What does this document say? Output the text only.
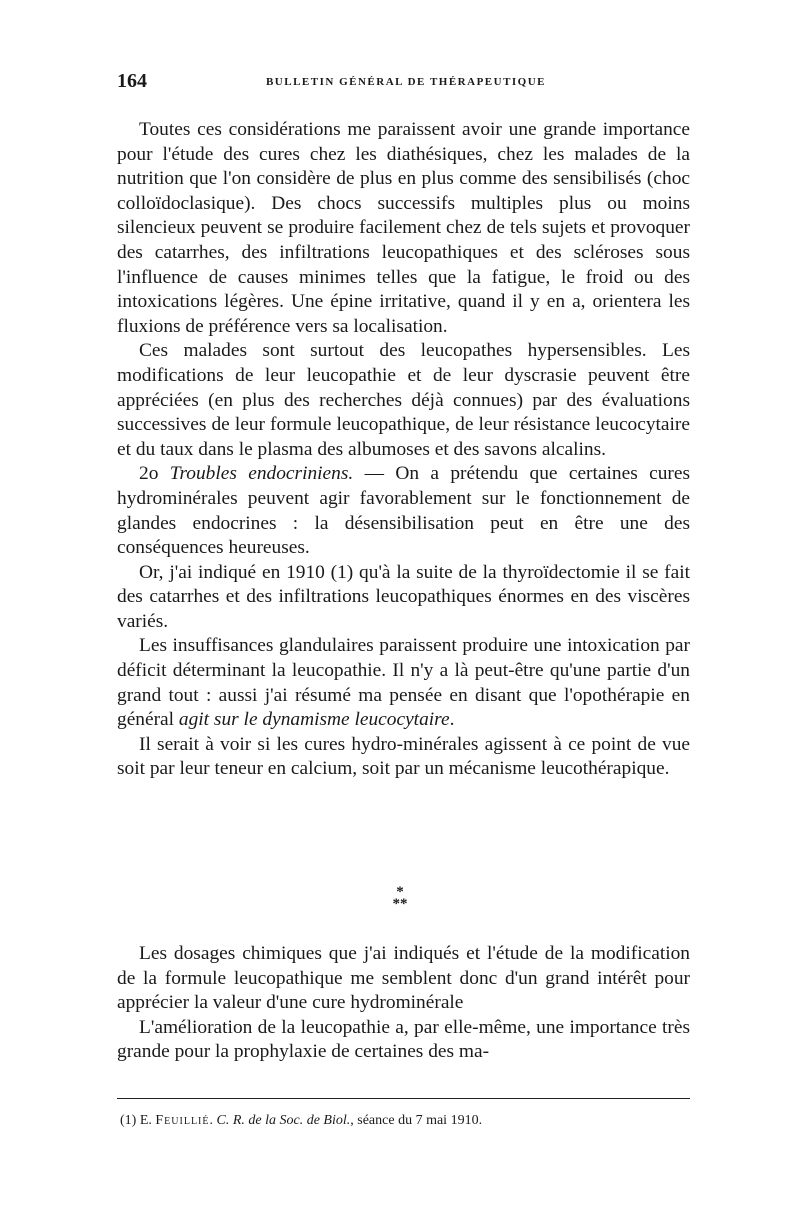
164	BULLETIN GÉNÉRAL DE THÉRAPEUTIQUE

Toutes ces considérations me paraissent avoir une grande importance pour l'étude des cures chez les diathésiques, chez les malades de la nutrition que l'on considère de plus en plus comme des sensibilisés (choc colloïdoclasique). Des chocs successifs multiples plus ou moins silencieux peuvent se produire facilement chez de tels sujets et provoquer des catarrhes, des infiltrations leucopathiques et des scléroses sous l'influence de causes minimes telles que la fatigue, le froid ou des intoxications légères. Une épine irritative, quand il y en a, orientera les fluxions de préférence vers sa localisation.

Ces malades sont surtout des leucopathes hypersensibles. Les modifications de leur leucopathie et de leur dyscrasie peuvent être appréciées (en plus des recherches déjà connues) par des évaluations successives de leur formule leucopathique, de leur résistance leucocytaire et du taux dans le plasma des albumoses et des savons alcalins.

2o Troubles endocriniens. — On a prétendu que certaines cures hydrominérales peuvent agir favorablement sur le fonctionnement de glandes endocrines : la désensibilisation peut en être une des conséquences heureuses.

Or, j'ai indiqué en 1910 (1) qu'à la suite de la thyroïdectomie il se fait des catarrhes et des infiltrations leucopathiques énormes en des viscères variés.

Les insuffisances glandulaires paraissent produire une intoxication par déficit déterminant la leucopathie. Il n'y a là peut-être qu'une partie d'un grand tout : aussi j'ai résumé ma pensée en disant que l'opothérapie en général agit sur le dynamisme leucocytaire.

Il serait à voir si les cures hydro-minérales agissent à ce point de vue soit par leur teneur en calcium, soit par un mécanisme leucothérapique.

*
**

Les dosages chimiques que j'ai indiqués et l'étude de la modification de la formule leucopathique me semblent donc d'un grand intérêt pour apprécier la valeur d'une cure hydrominérale

L'amélioration de la leucopathie a, par elle-même, une importance très grande pour la prophylaxie de certaines des ma-

(1) E. Feuillié. C. R. de la Soc. de Biol., séance du 7 mai 1910.
